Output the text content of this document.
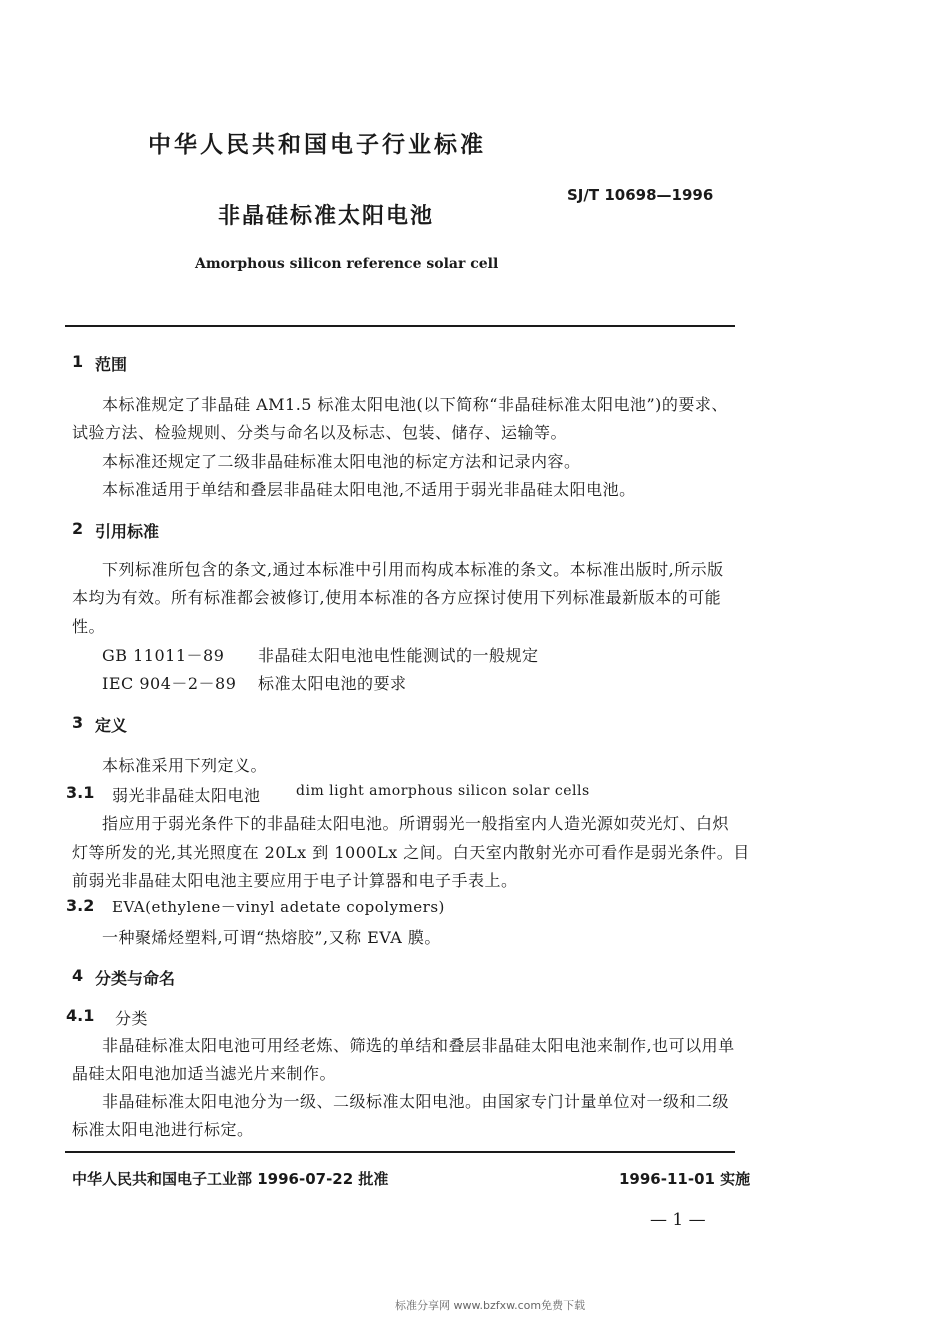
中华人民共和国电子行业标准
非晶硅标准太阳电池
SJ/T 10698—1996
Amorphous silicon reference solar cell
1 范围
本标准规定了非晶硅 AM1.5 标准太阳电池(以下简称“非晶硅标准太阳电池”)的要求、
试验方法、检验规则、分类与命名以及标志、包装、储存、运输等。
本标准还规定了二级非晶硅标准太阳电池的标定方法和记录内容。
本标准适用于单结和叠层非晶硅太阳电池,不适用于弱光非晶硅太阳电池。
2 引用标准
下列标准所包含的条文,通过本标准中引用而构成本标准的条文。本标准出版时,所示版
本均为有效。所有标准都会被修订,使用本标准的各方应探讨使用下列标准最新版本的可能
性。
GB 11011－89 非晶硅太阳电池电性能测试的一般规定
IEC 904－2－89 标准太阳电池的要求
3 定义
本标准采用下列定义。
3.1 弱光非晶硅太阳电池	dim light amorphous silicon solar cells
指应用于弱光条件下的非晶硅太阳电池。所谓弱光一般指室内人造光源如荧光灯、白炽
灯等所发的光,其光照度在 20Lx 到 1000Lx 之间。白天室内散射光亦可看作是弱光条件。目
前弱光非晶硅太阳电池主要应用于电子计算器和电子手表上。
3.2 EVA(ethylene－vinyl adetate copolymers)
一种聚烯烃塑料,可谓“热熔胶”,又称 EVA 膜。
4 分类与命名
4.1 分类
非晶硅标准太阳电池可用经老炼、筛选的单结和叠层非晶硅太阳电池来制作,也可以用单
晶硅太阳电池加适当滤光片来制作。
非晶硅标准太阳电池分为一级、二级标准太阳电池。由国家专门计量单位对一级和二级
标准太阳电池进行标定。
中华人民共和国电子工业部 1996-07-22 批准	1996-11-01 实施
— 1 —
标准分享网 www.bzfxw.com免费下载
